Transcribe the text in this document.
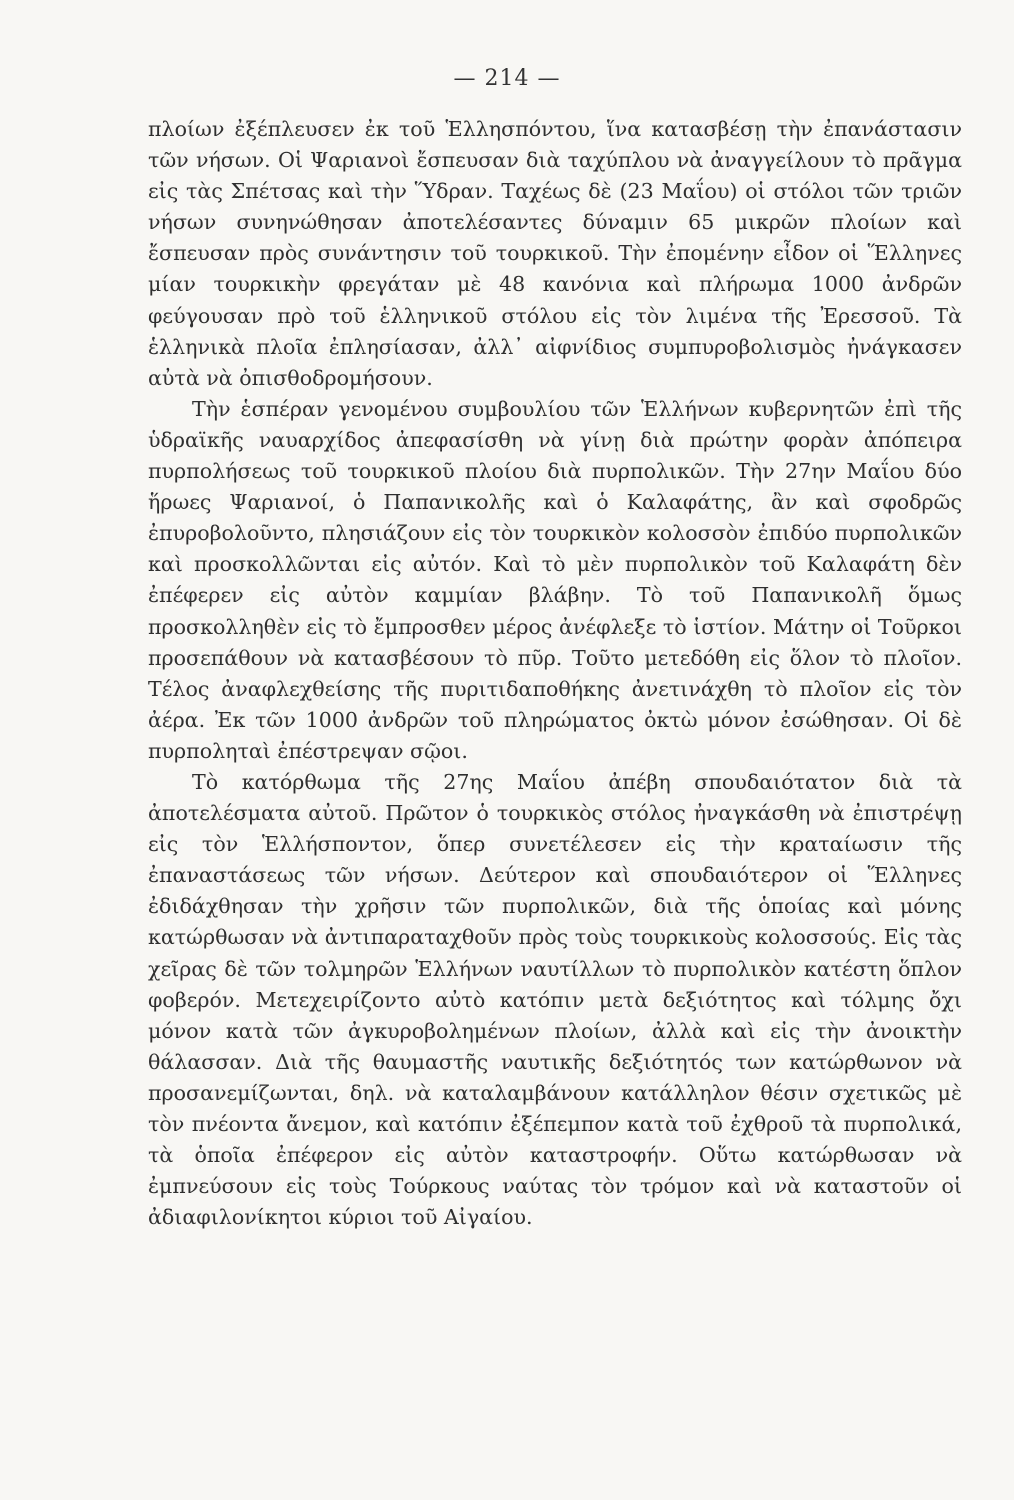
— 214 —

πλοίων ἐξέπλευσεν ἐκ τοῦ Ἑλλησπόντου, ἵνα κατασβέσῃ τὴν ἐπανάστασιν τῶν νήσων. Οἱ Ψαριανοὶ ἔσπευσαν διὰ ταχύπλου νὰ ἀναγγείλουν τὸ πρᾶγμα εἰς τὰς Σπέτσας καὶ τὴν Ὕδραν. Ταχέως δὲ (23 Μαΐου) οἱ στόλοι τῶν τριῶν νήσων συνηνώθησαν ἀποτελέσαντες δύναμιν 65 μικρῶν πλοίων καὶ ἔσπευσαν πρὸς συνάντησιν τοῦ τουρκικοῦ. Τὴν ἐπομένην εἶδον οἱ Ἕλληνες μίαν τουρκικὴν φρεγάταν μὲ 48 κανόνια καὶ πλήρωμα 1000 ἀνδρῶν φεύγουσαν πρὸ τοῦ ἑλληνικοῦ στόλου εἰς τὸν λιμένα τῆς Ἐρεσσοῦ. Τὰ ἑλληνικὰ πλοῖα ἐπλησίασαν, ἀλλ᾽ αἰφνίδιος συμπυροβολισμὸς ἠνάγκασεν αὐτὰ νὰ ὀπισθοδρομήσουν.

Τὴν ἑσπέραν γενομένου συμβουλίου τῶν Ἑλλήνων κυβερνητῶν ἐπὶ τῆς ὑδραϊκῆς ναυαρχίδος ἀπεφασίσθη νὰ γίνῃ διὰ πρώτην φορὰν ἀπόπειρα πυρπολήσεως τοῦ τουρκικοῦ πλοίου διὰ πυρπολικῶν. Τὴν 27ην Μαΐου δύο ἥρωες Ψαριανοί, ὁ Παπανικολῆς καὶ ὁ Καλαφάτης, ἂν καὶ σφοδρῶς ἐπυροβολοῦντο, πλησιάζουν εἰς τὸν τουρκικὸν κολοσσὸν ἐπιδύο πυρπολικῶν καὶ προσκολλῶνται εἰς αὐτόν. Καὶ τὸ μὲν πυρπολικὸν τοῦ Καλαφάτη δὲν ἐπέφερεν εἰς αὐτὸν καμμίαν βλάβην. Τὸ τοῦ Παπανικολῆ ὅμως προσκολληθὲν εἰς τὸ ἔμπροσθεν μέρος ἀνέφλεξε τὸ ἱστίον. Μάτην οἱ Τοῦρκοι προσεπάθουν νὰ κατασβέσουν τὸ πῦρ. Τοῦτο μετεδόθη εἰς ὅλον τὸ πλοῖον. Τέλος ἀναφλεχθείσης τῆς πυριτιδαποθήκης ἀνετινάχθη τὸ πλοῖον εἰς τὸν ἀέρα. Ἐκ τῶν 1000 ἀνδρῶν τοῦ πληρώματος ὀκτὼ μόνον ἐσώθησαν. Οἱ δὲ πυρποληταὶ ἐπέστρεψαν σῷοι.

Τὸ κατόρθωμα τῆς 27ης Μαΐου ἀπέβη σπουδαιότατον διὰ τὰ ἀποτελέσματα αὐτοῦ. Πρῶτον ὁ τουρκικὸς στόλος ἠναγκάσθη νὰ ἐπιστρέψῃ εἰς τὸν Ἑλλήσποντον, ὅπερ συνετέλεσεν εἰς τὴν κραταίωσιν τῆς ἐπαναστάσεως τῶν νήσων. Δεύτερον καὶ σπουδαιότερον οἱ Ἕλληνες ἐδιδάχθησαν τὴν χρῆσιν τῶν πυρπολικῶν, διὰ τῆς ὁποίας καὶ μόνης κατώρθωσαν νὰ ἀντιπαραταχθοῦν πρὸς τοὺς τουρκικοὺς κολοσσούς. Εἰς τὰς χεῖρας δὲ τῶν τολμηρῶν Ἑλλήνων ναυτίλλων τὸ πυρπολικὸν κατέστη ὅπλον φοβερόν. Μετεχειρίζοντο αὐτὸ κατόπιν μετὰ δεξιότητος καὶ τόλμης ὄχι μόνον κατὰ τῶν ἀγκυροβολημένων πλοίων, ἀλλὰ καὶ εἰς τὴν ἀνοικτὴν θάλασσαν. Διὰ τῆς θαυμαστῆς ναυτικῆς δεξιότητός των κατώρθωνον νὰ προσανεμίζωνται, δηλ. νὰ καταλαμβάνουν κατάλληλον θέσιν σχετικῶς μὲ τὸν πνέοντα ἄνεμον, καὶ κατόπιν ἐξέπεμπον κατὰ τοῦ ἐχθροῦ τὰ πυρπολικά, τὰ ὁποῖα ἐπέφερον εἰς αὐτὸν καταστροφήν. Οὕτω κατώρθωσαν νὰ ἐμπνεύσουν εἰς τοὺς Τούρκους ναύτας τὸν τρόμον καὶ νὰ καταστοῦν οἱ ἀδιαφιλονίκητοι κύριοι τοῦ Αἰγαίου.
